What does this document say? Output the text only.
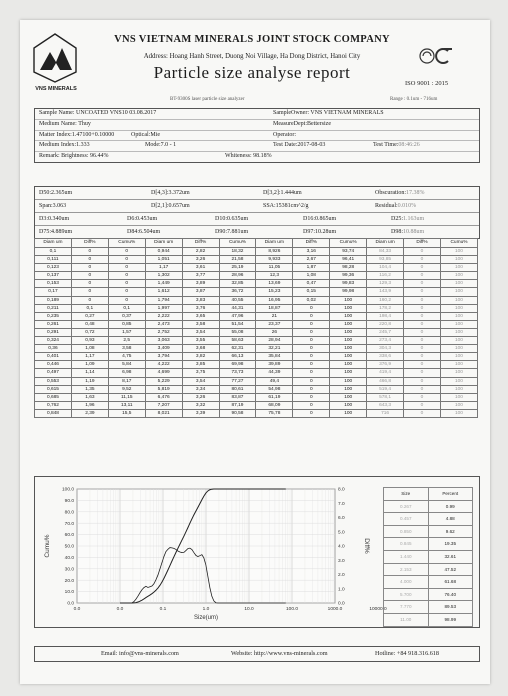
VNS MINERALS
VNS VIETNAM MINERALS JOINT STOCK COMPANY
Address: Hoang Hanh Street, Duong Noi Village, Ha Dong District, Hanoi City
Particle size analyse report
ISO 9001 : 2015
BT-9300S laser particle size analyzer	Range : 0.1um - 716um
Sample Name: UNCOATED VNS10 03.08.2017	SampleOwner: VNS VIETNAM MINERALS
Medium Name: Thuy	MeasureDept:Bettersize
Matter Index:1.47100+0.10000	Optical:Mie	Operator:
Medium Index:1.333	Mode:7.0 - 1	Test Date:2017-08-03	Test Time:08:46:26
Remark: Brightness: 96.44%	Whiteness: 98.18%
D50:2.365um	D[4,3]:3.372um	D[3,2]:1.444um	Obscuration:17.38%
Span:3.063	D[2,1]:0.657um	SSA:15381cm^2/g	Residual:0.010%
D3:0.340um	D6:0.453um	D10:0.635um	D16:0.865um	D25:1.163um
D75:4.889um	D84:6.504um	D90:7.881um	D97:10.28um	D98:10.88um
Diam um	Diff%	Cumu%	Diam um	Diff%	Cumu%	Diam um	Diff%	Cumu%	Diam um	Diff%	Cumu%
0,1	0	0	0,944	2,82	18,32	8,926	3,16	93,74	84,33	0	100
0,111	0	0	1,051	3,26	21,58	9,933	2,67	96,41	93,85	0	100
0,123	0	0	1,17	3,61	25,19	11,05	1,87	98,28	104,4	0	100
0,137	0	0	1,302	3,77	28,96	12,3	1,08	99,36	116,2	0	100
0,153	0	0	1,449	3,89	32,85	13,69	0,47	99,83	129,3	0	100
0,17	0	0	1,612	3,87	36,72	15,23	0,15	99,98	143,9	0	100
0,189	0	0	1,794	3,83	40,55	16,95	0,02	100	160,2	0	100
0,211	0,1	0,1	1,997	3,76	44,31	18,87	0	100	178,2	0	100
0,235	0,27	0,37	2,222	3,65	47,96	21	0	100	198,4	0	100
0,261	0,48	0,85	2,473	3,58	51,54	23,37	0	100	220,8	0	100
0,291	0,72	1,57	2,752	3,54	55,08	26	0	100	245,7	0	100
0,324	0,93	2,5	3,063	3,55	58,63	28,94	0	100	273,4	0	100
0,36	1,08	3,58	3,409	3,68	62,31	32,21	0	100	304,3	0	100
0,401	1,17	4,75	3,794	3,82	66,13	35,84	0	100	338,6	0	100
0,446	1,09	5,84	4,222	3,85	69,98	39,89	0	100	376,9	0	100
0,497	1,14	6,98	4,699	3,75	73,73	44,39	0	100	419,4	0	100
0,553	1,19	8,17	5,229	3,54	77,27	49,4	0	100	466,8	0	100
0,615	1,35	9,52	5,819	3,34	80,61	54,98	0	100	519,4	0	100
0,685	1,63	11,15	6,476	3,26	83,87	61,19	0	100	578,1	0	100
0,762	1,96	13,11	7,207	3,32	87,19	68,09	0	100	643,3	0	100
0,848	2,39	15,5	8,021	3,39	90,58	75,78	0	100	716	0	100
0.0
10.0
20.0
30.0
40.0
50.0
60.0
70.0
80.0
90.0
100.0
0.0
1.0
2.0
3.0
4.0
5.0
6.0
7.0
8.0
0.0	0.0	0.1	1.0	10.0	100.0	1000.0	10000.0
Size(um)
Cumu%	Diff%
Size	Percent
0.267	0.99
0.457	4.88
0.850	9.62
0.845	19.35
1.440	32.61
2.153	47.52
4.000	61.68
5.700	76.40
7.770	89.53
11.00	98.99
Email: info@vns-minerals.com	Website: http://www.vns-minerals.com	Hotline: +84 918.316.618
